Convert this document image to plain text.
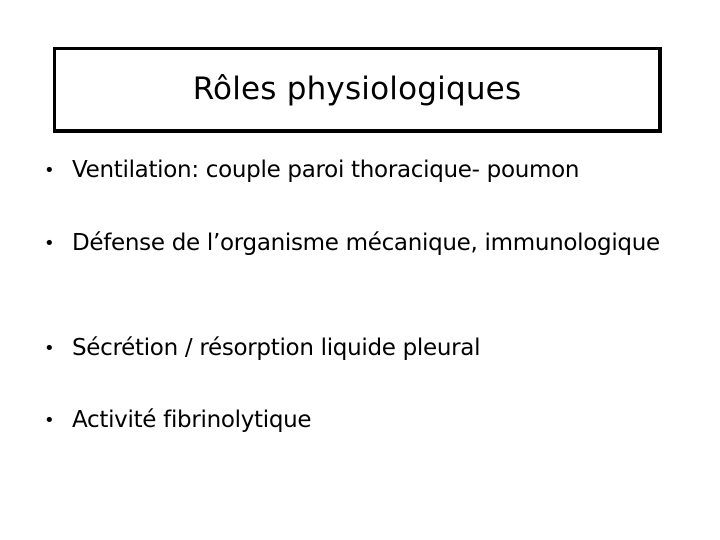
Rôles physiologiques
• Ventilation: couple paroi thoracique- poumon
• Défense de l’organisme mécanique, immunologique
• Sécrétion / résorption liquide pleural
• Activité fibrinolytique
